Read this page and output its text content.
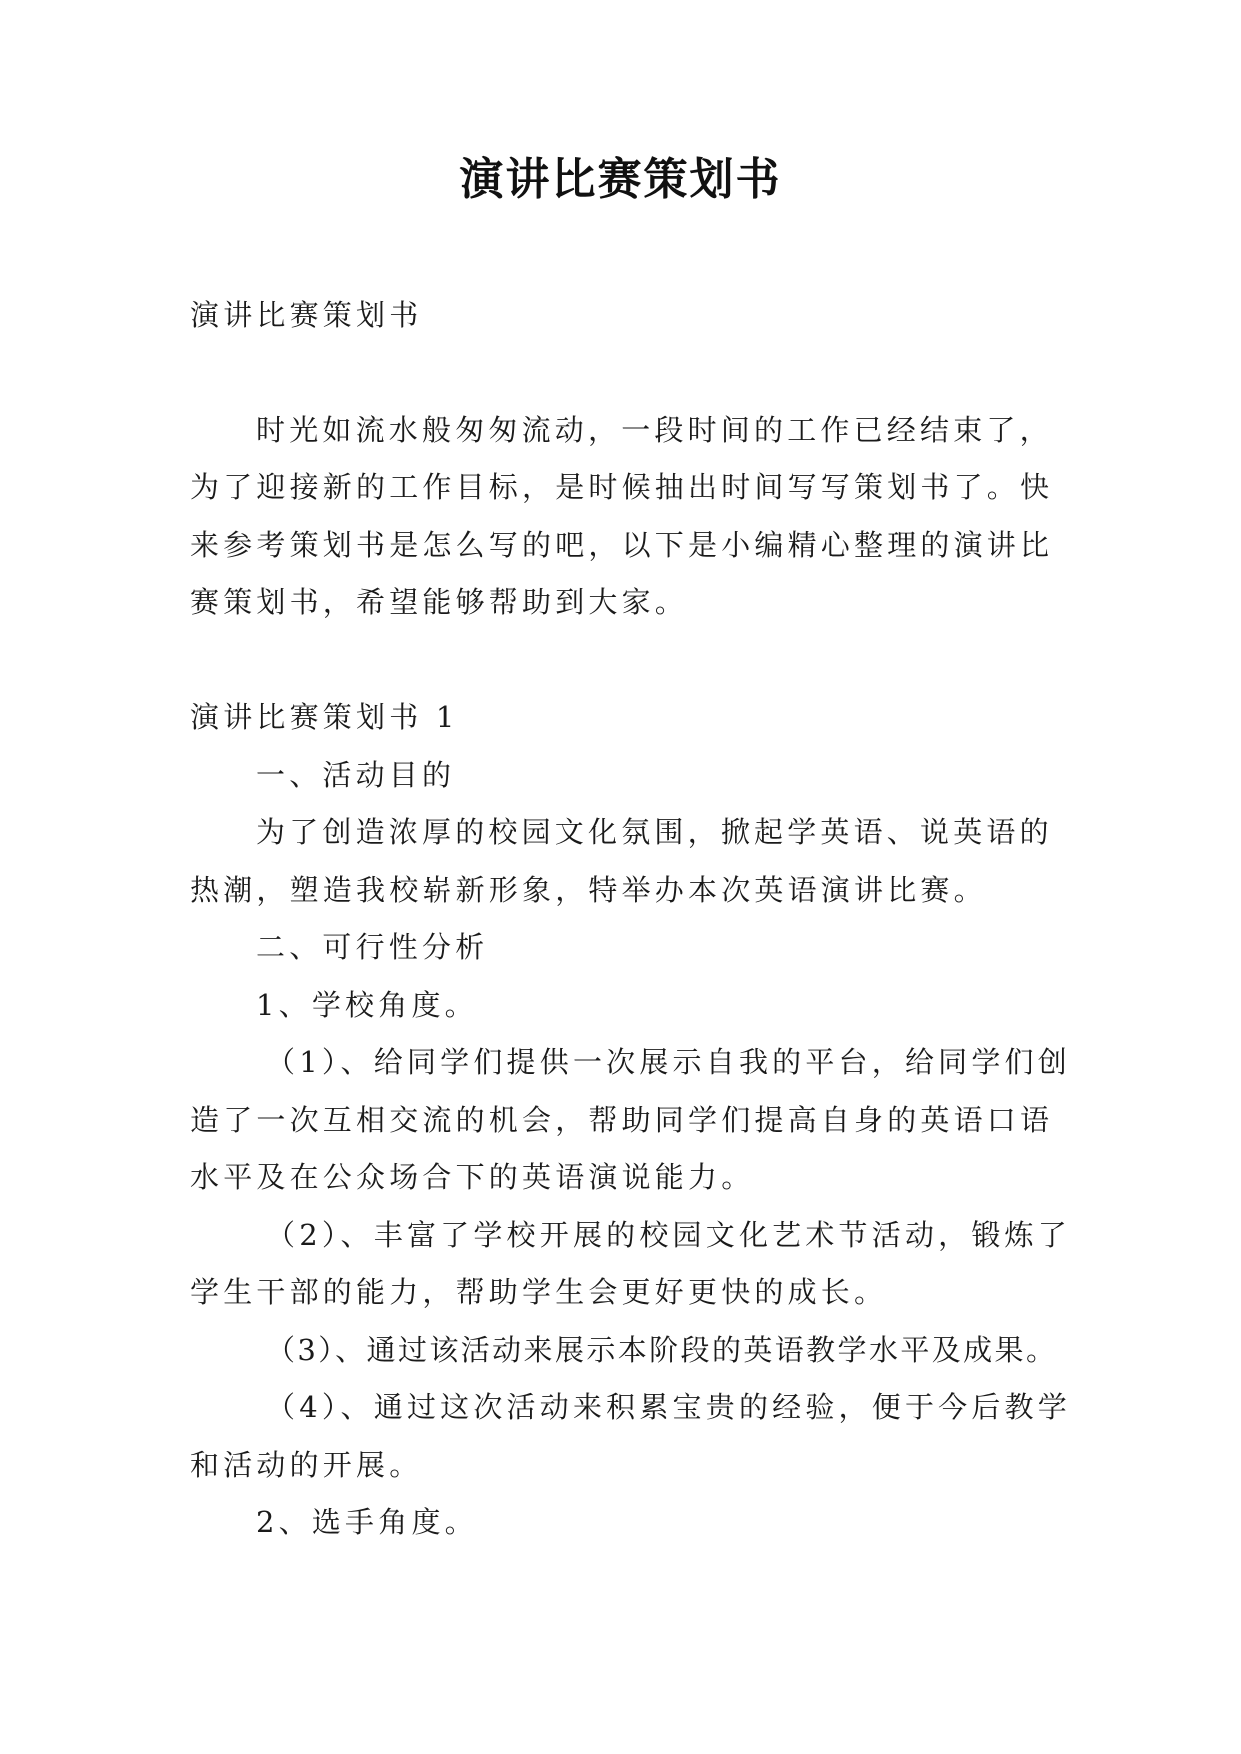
演讲比赛策划书
演讲比赛策划书
时光如流水般匆匆流动，一段时间的工作已经结束了，
为了迎接新的工作目标，是时候抽出时间写写策划书了。快
来参考策划书是怎么写的吧，以下是小编精心整理的演讲比
赛策划书，希望能够帮助到大家。
演讲比赛策划书 1
一、活动目的
为了创造浓厚的校园文化氛围，掀起学英语、说英语的
热潮，塑造我校崭新形象，特举办本次英语演讲比赛。
二、可行性分析
1、学校角度。
（1）、给同学们提供一次展示自我的平台，给同学们创
造了一次互相交流的机会，帮助同学们提高自身的英语口语
水平及在公众场合下的英语演说能力。
（2）、丰富了学校开展的校园文化艺术节活动，锻炼了
学生干部的能力，帮助学生会更好更快的成长。
（3）、通过该活动来展示本阶段的英语教学水平及成果。
（4）、通过这次活动来积累宝贵的经验，便于今后教学
和活动的开展。
2、选手角度。
